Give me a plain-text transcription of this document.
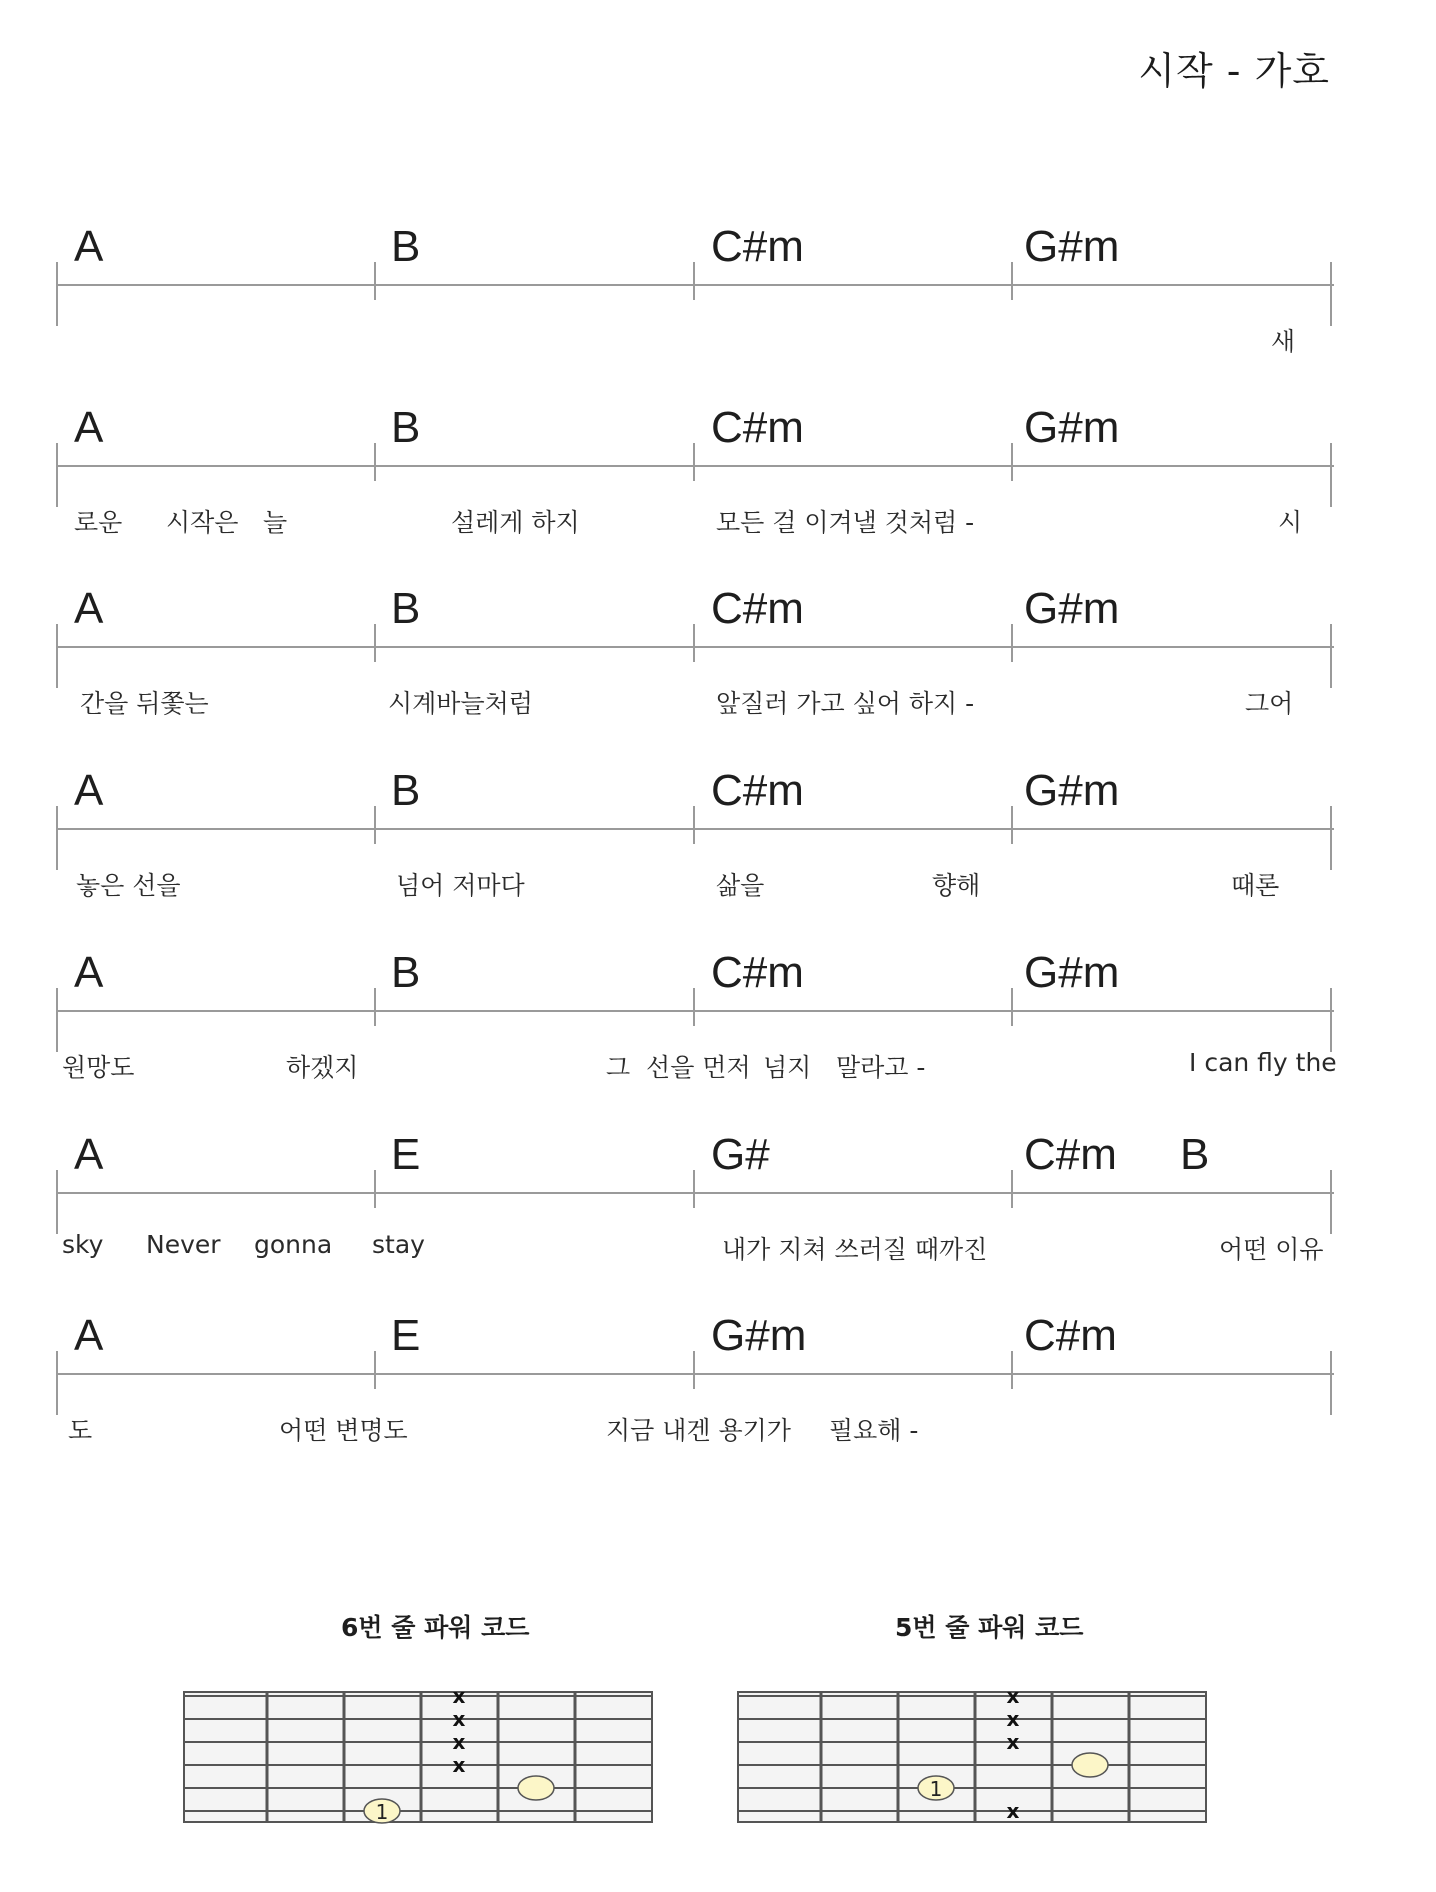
시작 - 가호
A	B	C#m	G#m
새
A	B	C#m	G#m
로운 시작은 늘	설레게 하지	모든 걸 이겨낼 것처럼 -	시
A	B	C#m	G#m
간을 뒤쫓는	시계바늘처럼	앞질러 가고 싶어 하지 -	그어
A	B	C#m	G#m
놓은 선을	넘어 저마다	삶을	향해	때론
A	B	C#m	G#m
원망도	하겠지	그  선을 먼저 넘지 말라고 -	I can fly the
A	E	G#	C#m B
sky Never gonna stay	내가 지쳐 쓰러질 때까진	어떤 이유
A	E	G#m	C#m
도	어떤 변명도	지금 내겐 용기가 필요해 -
6번 줄 파워 코드	5번 줄 파워 코드
x
x
x
x
1
x
x
x
x
1
